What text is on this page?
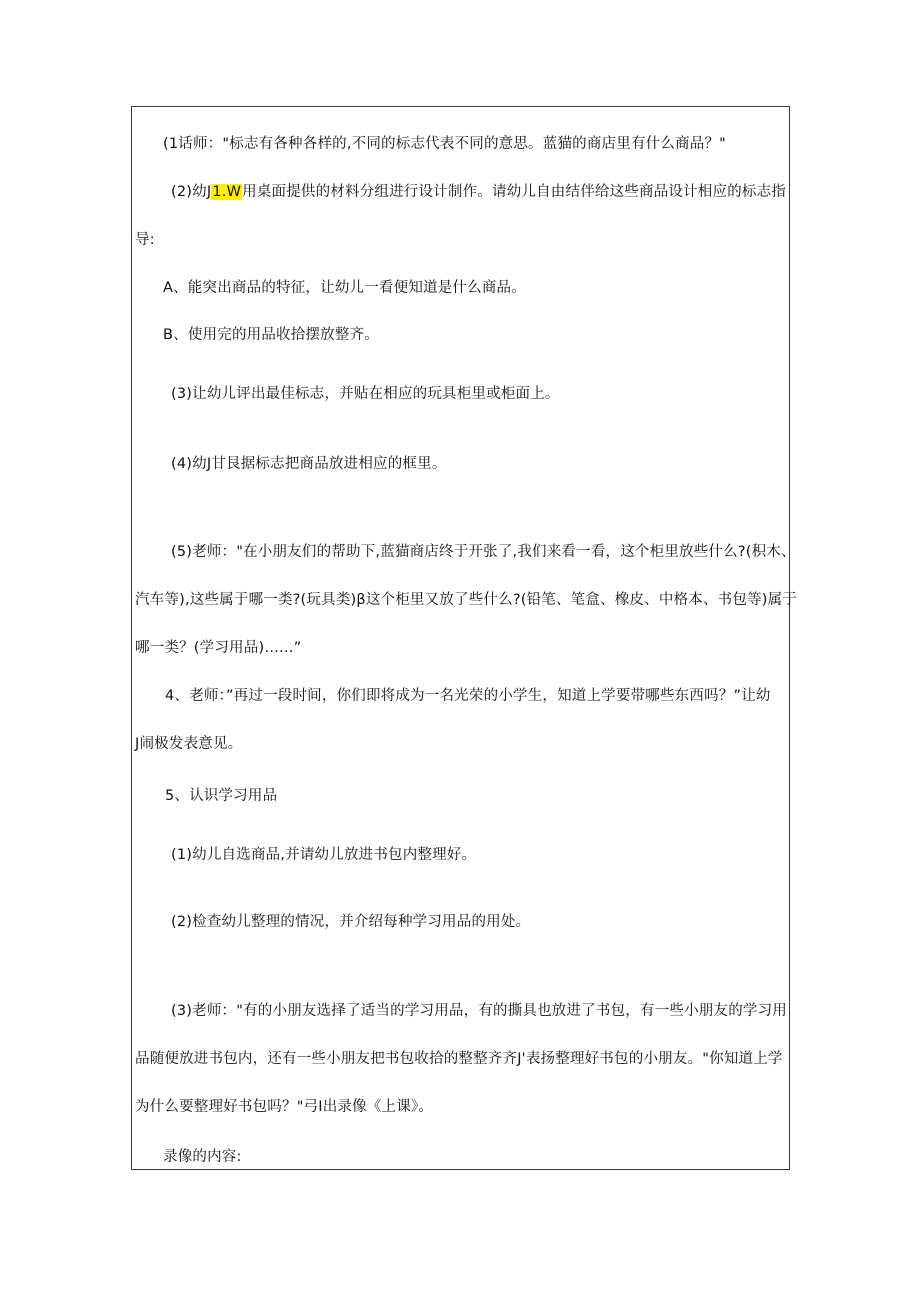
(1话师："标志有各种各样的,不同的标志代表不同的意思。蓝猫的商店里有什么商品？"
(2)幼J1.W用桌面提供的材料分组进行设计制作。请幼儿自由结伴给这些商品设计相应的标志指
导:
A、能突出商品的特征，让幼儿一看便知道是什么商品。
B、使用完的用品收拾摆放整齐。
(3)让幼儿评出最佳标志，并贴在相应的玩具柜里或柜面上。
(4)幼J甘艮据标志把商品放进相应的框里。
(5)老师："在小朋友们的帮助下,蓝猫商店终于开张了,我们来看一看，这个柜里放些什么?(积木、
汽车等),这些属于哪一类?(玩具类)β这个柜里又放了些什么?(铅笔、笔盒、橡皮、中格本、书包等)属于
哪一类？(学习用品)……”
4、老师：”再过一段时间，你们即将成为一名光荣的小学生，知道上学要带哪些东西吗？”让幼
J闹极发表意见。
5、认识学习用品
(1)幼儿自选商品,并请幼儿放进书包内整理好。
(2)检查幼儿整理的情况，并介绍每种学习用品的用处。
(3)老师："有的小朋友选择了适当的学习用品，有的撕具也放进了书包，有一些小朋友的学习用
品随便放进书包内，还有一些小朋友把书包收拾的整整齐齐J'表扬整理好书包的小朋友。"你知道上学
为什么要整理好书包吗？"弓I出录像《上课》。
录像的内容:
